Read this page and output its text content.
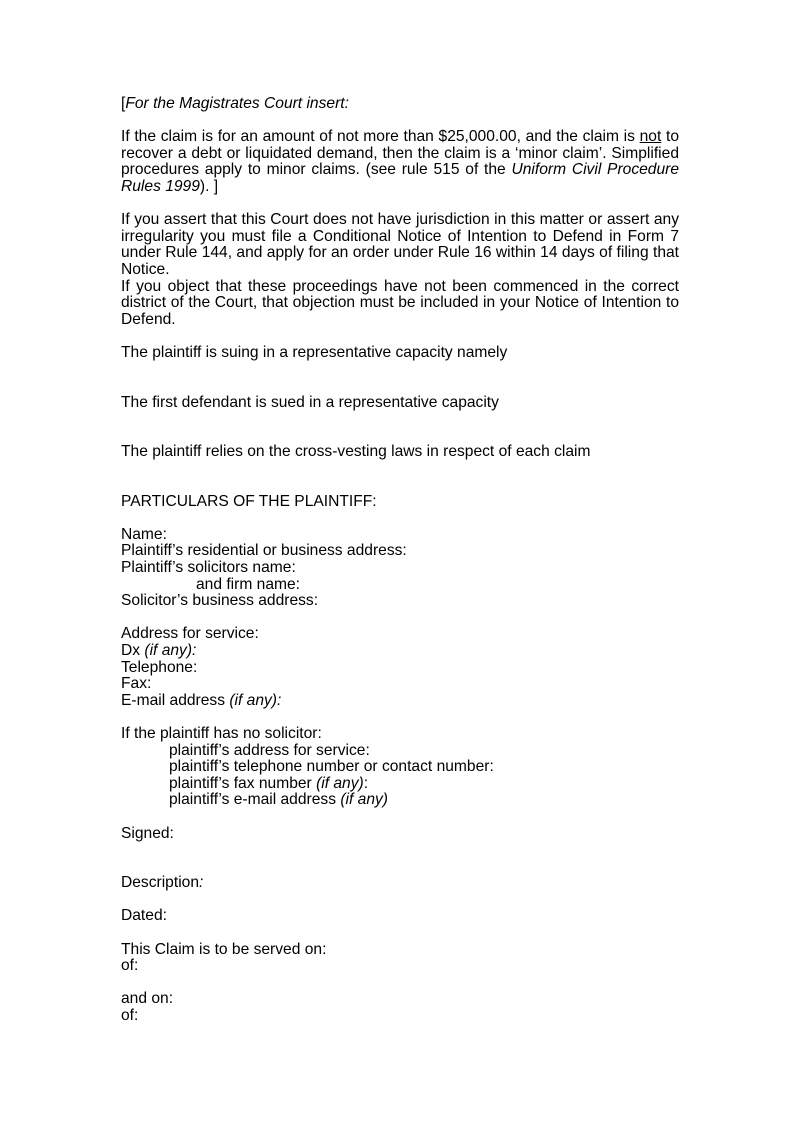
[For the Magistrates Court insert:

If the claim is for an amount of not more than $25,000.00, and the claim is not to recover a debt or liquidated demand, then the claim is a ‘minor claim’. Simplified procedures apply to minor claims. (see rule 515 of the Uniform Civil Procedure Rules 1999). ]

If you assert that this Court does not have jurisdiction in this matter or assert any irregularity you must file a Conditional Notice of Intention to Defend in Form 7 under Rule 144, and apply for an order under Rule 16 within 14 days of filing that Notice.

If you object that these proceedings have not been commenced in the correct district of the Court, that objection must be included in your Notice of Intention to Defend.

The plaintiff is suing in a representative capacity namely

The first defendant is sued in a representative capacity

The plaintiff relies on the cross-vesting laws in respect of each claim

PARTICULARS OF THE PLAINTIFF:

Name:

Plaintiff’s residential or business address:

Plaintiff’s solicitors name:

and firm name:

Solicitor’s business address:

Address for service:

Dx (if any):

Telephone:

Fax:

E-mail address (if any):

If the plaintiff has no solicitor:

plaintiff’s address for service:

plaintiff’s telephone number or contact number:

plaintiff’s fax number (if any):

plaintiff’s e-mail address (if any)

Signed:

Description:

Dated:

This Claim is to be served on:

of:

and on:

of:
